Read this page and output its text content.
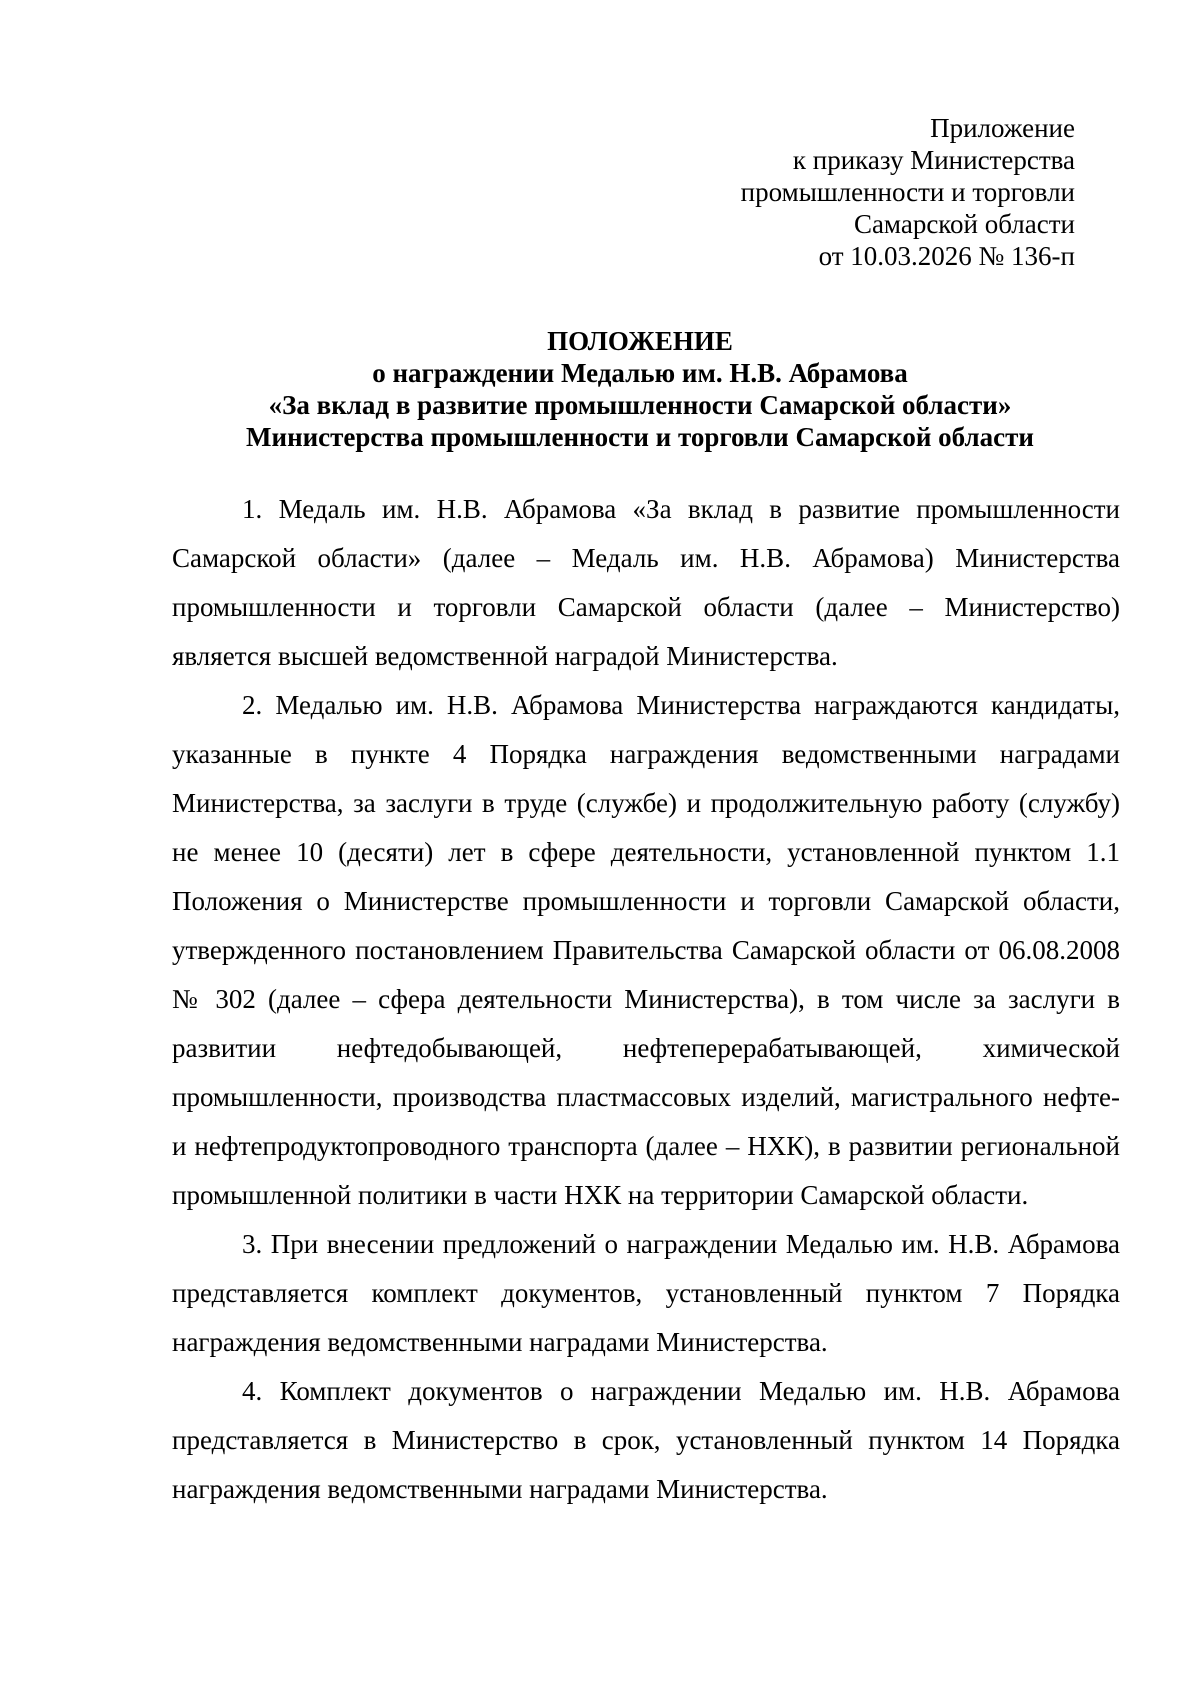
Приложение
к приказу Министерства
промышленности и торговли
Самарской области
от 10.03.2026 № 136-п
ПОЛОЖЕНИЕ
о награждении Медалью им. Н.В. Абрамова
«За вклад в развитие промышленности Самарской области»
Министерства промышленности и торговли Самарской области

1. Медаль им. Н.В. Абрамова «За вклад в развитие промышленности Самарской области» (далее – Медаль им. Н.В. Абрамова) Министерства промышленности и торговли Самарской области (далее – Министерство) является высшей ведомственной наградой Министерства.

2. Медалью им. Н.В. Абрамова Министерства награждаются кандидаты, указанные в пункте 4 Порядка награждения ведомственными наградами Министерства, за заслуги в труде (службе) и продолжительную работу (службу) не менее 10 (десяти) лет в сфере деятельности, установленной пунктом 1.1 Положения о Министерстве промышленности и торговли Самарской области, утвержденного постановлением Правительства Самарской области от 06.08.2008 № 302 (далее – сфера деятельности Министерства), в том числе за заслуги в развитии нефтедобывающей, нефтеперерабатывающей, химической промышленности, производства пластмассовых изделий, магистрального нефте- и нефтепродуктопроводного транспорта (далее – НХК), в развитии региональной промышленной политики в части НХК на территории Самарской области.

3. При внесении предложений о награждении Медалью им. Н.В. Абрамова представляется комплект документов, установленный пунктом 7 Порядка награждения ведомственными наградами Министерства.

4. Комплект документов о награждении Медалью им. Н.В. Абрамова представляется в Министерство в срок, установленный пунктом 14 Порядка награждения ведомственными наградами Министерства.
